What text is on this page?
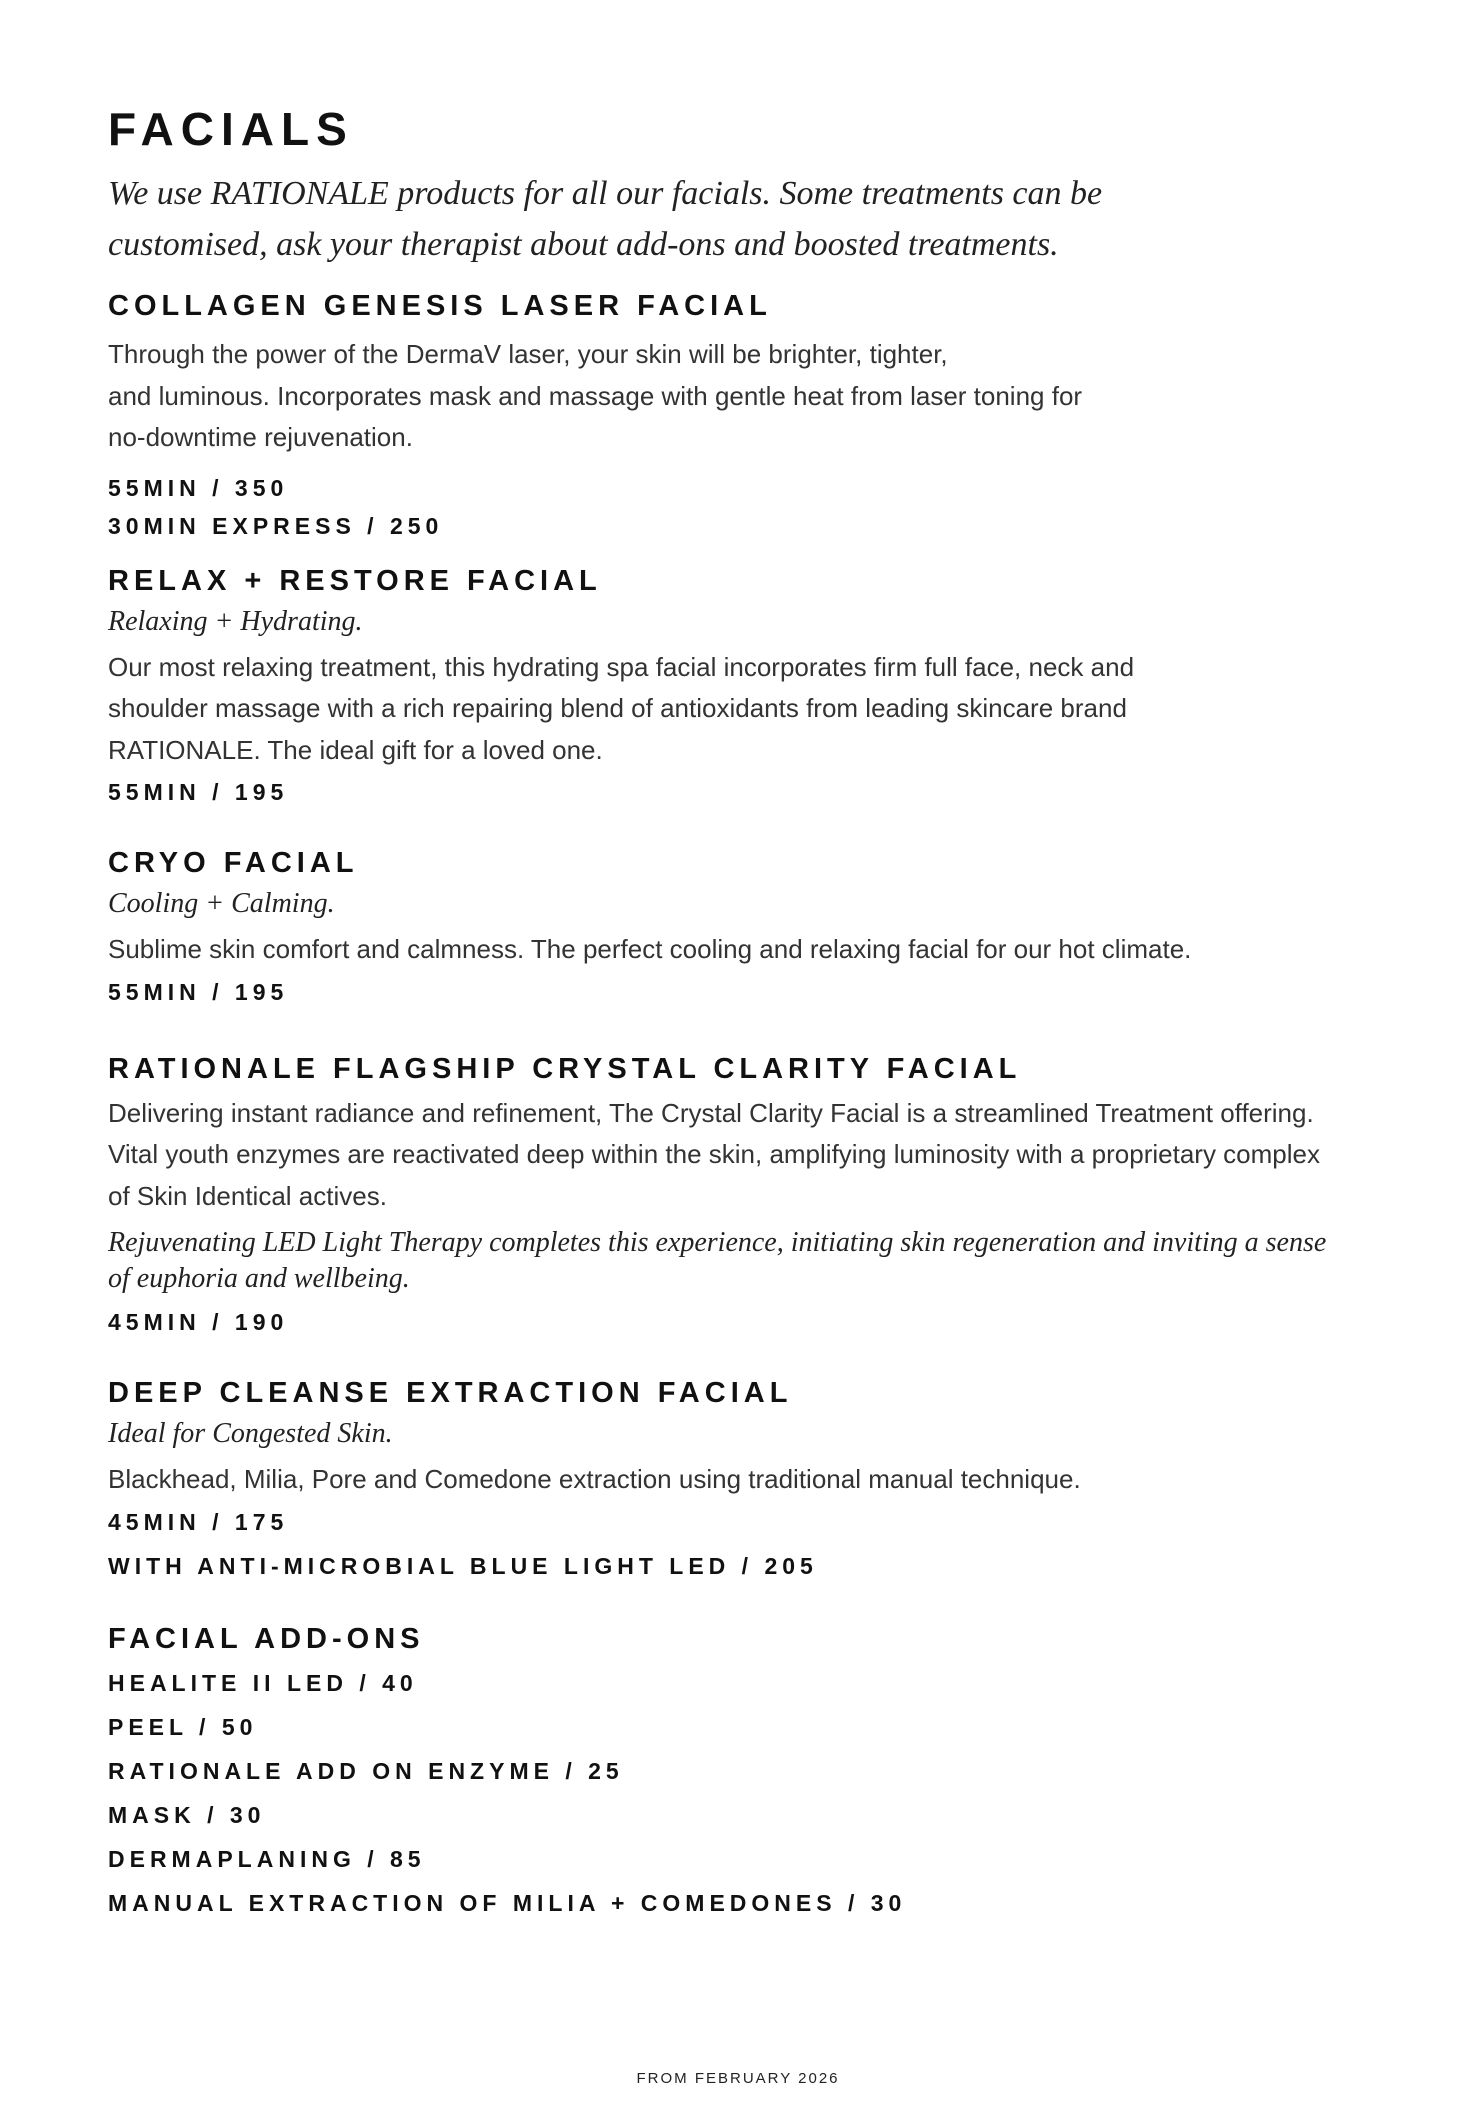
FACIALS

We use RATIONALE products for all our facials. Some treatments can be customised, ask your therapist about add-ons and boosted treatments.

COLLAGEN GENESIS LASER FACIAL

Through the power of the DermaV laser, your skin will be brighter, tighter,
and luminous. Incorporates mask and massage with gentle heat from laser toning for
no-downtime rejuvenation.

55MIN / 350

30MIN EXPRESS / 250

RELAX + RESTORE FACIAL

Relaxing + Hydrating.

Our most relaxing treatment, this hydrating spa facial incorporates firm full face, neck and shoulder massage with a rich repairing blend of antioxidants from leading skincare brand RATIONALE. The ideal gift for a loved one.

55MIN / 195

CRYO FACIAL

Cooling + Calming.

Sublime skin comfort and calmness. The perfect cooling and relaxing facial for our hot climate.

55MIN / 195

RATIONALE FLAGSHIP CRYSTAL CLARITY FACIAL

Delivering instant radiance and refinement, The Crystal Clarity Facial is a streamlined Treatment offering. Vital youth enzymes are reactivated deep within the skin, amplifying luminosity with a proprietary complex of Skin Identical actives.

Rejuvenating LED Light Therapy completes this experience, initiating skin regeneration and inviting a sense of euphoria and wellbeing.

45MIN / 190

DEEP CLEANSE EXTRACTION FACIAL

Ideal for Congested Skin.

Blackhead, Milia, Pore and Comedone extraction using traditional manual technique.

45MIN / 175

WITH ANTI-MICROBIAL BLUE LIGHT LED / 205

FACIAL ADD-ONS

HEALITE II LED / 40

PEEL / 50

RATIONALE ADD ON ENZYME / 25

MASK / 30

DERMAPLANING / 85

MANUAL EXTRACTION OF MILIA + COMEDONES / 30

FROM FEBRUARY 2026
